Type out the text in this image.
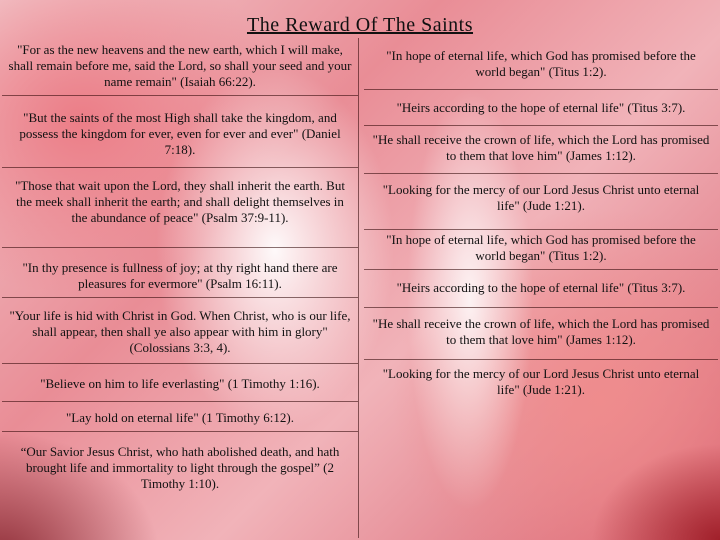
The Reward Of The Saints
"For as the new heavens and the new earth, which I will make, shall remain before me, said the Lord, so shall your seed and your name remain" (Isaiah 66:22).
"But the saints of the most High shall take the kingdom, and possess the kingdom for ever, even for ever and ever" (Daniel 7:18).
"Those that wait upon the Lord, they shall inherit the earth. But the meek shall inherit the earth; and shall delight themselves in the abundance of peace" (Psalm 37:9-11).
"In thy presence is fullness of joy; at thy right hand there are pleasures for evermore" (Psalm 16:11).
"Your life is hid with Christ in God. When Christ, who is our life, shall appear, then shall ye also appear with him in glory" (Colossians 3:3, 4).
"Believe on him to life everlasting" (1 Timothy 1:16).
"Lay hold on eternal life" (1 Timothy 6:12).
“Our Savior Jesus Christ, who hath abolished death, and hath brought life and immortality to light through the gospel” (2 Timothy 1:10).
"In hope of eternal life, which God has promised before the world began" (Titus 1:2).
"Heirs according to the hope of eternal life" (Titus 3:7).
"He shall receive the crown of life, which the Lord has promised to them that love him" (James 1:12).
"Looking for the mercy of our Lord Jesus Christ unto eternal life" (Jude 1:21).
"In hope of eternal life, which God has promised before the world began" (Titus 1:2).
"Heirs according to the hope of eternal life" (Titus 3:7).
"He shall receive the crown of life, which the Lord has promised to them that love him" (James 1:12).
"Looking for the mercy of our Lord Jesus Christ unto eternal life" (Jude 1:21).
